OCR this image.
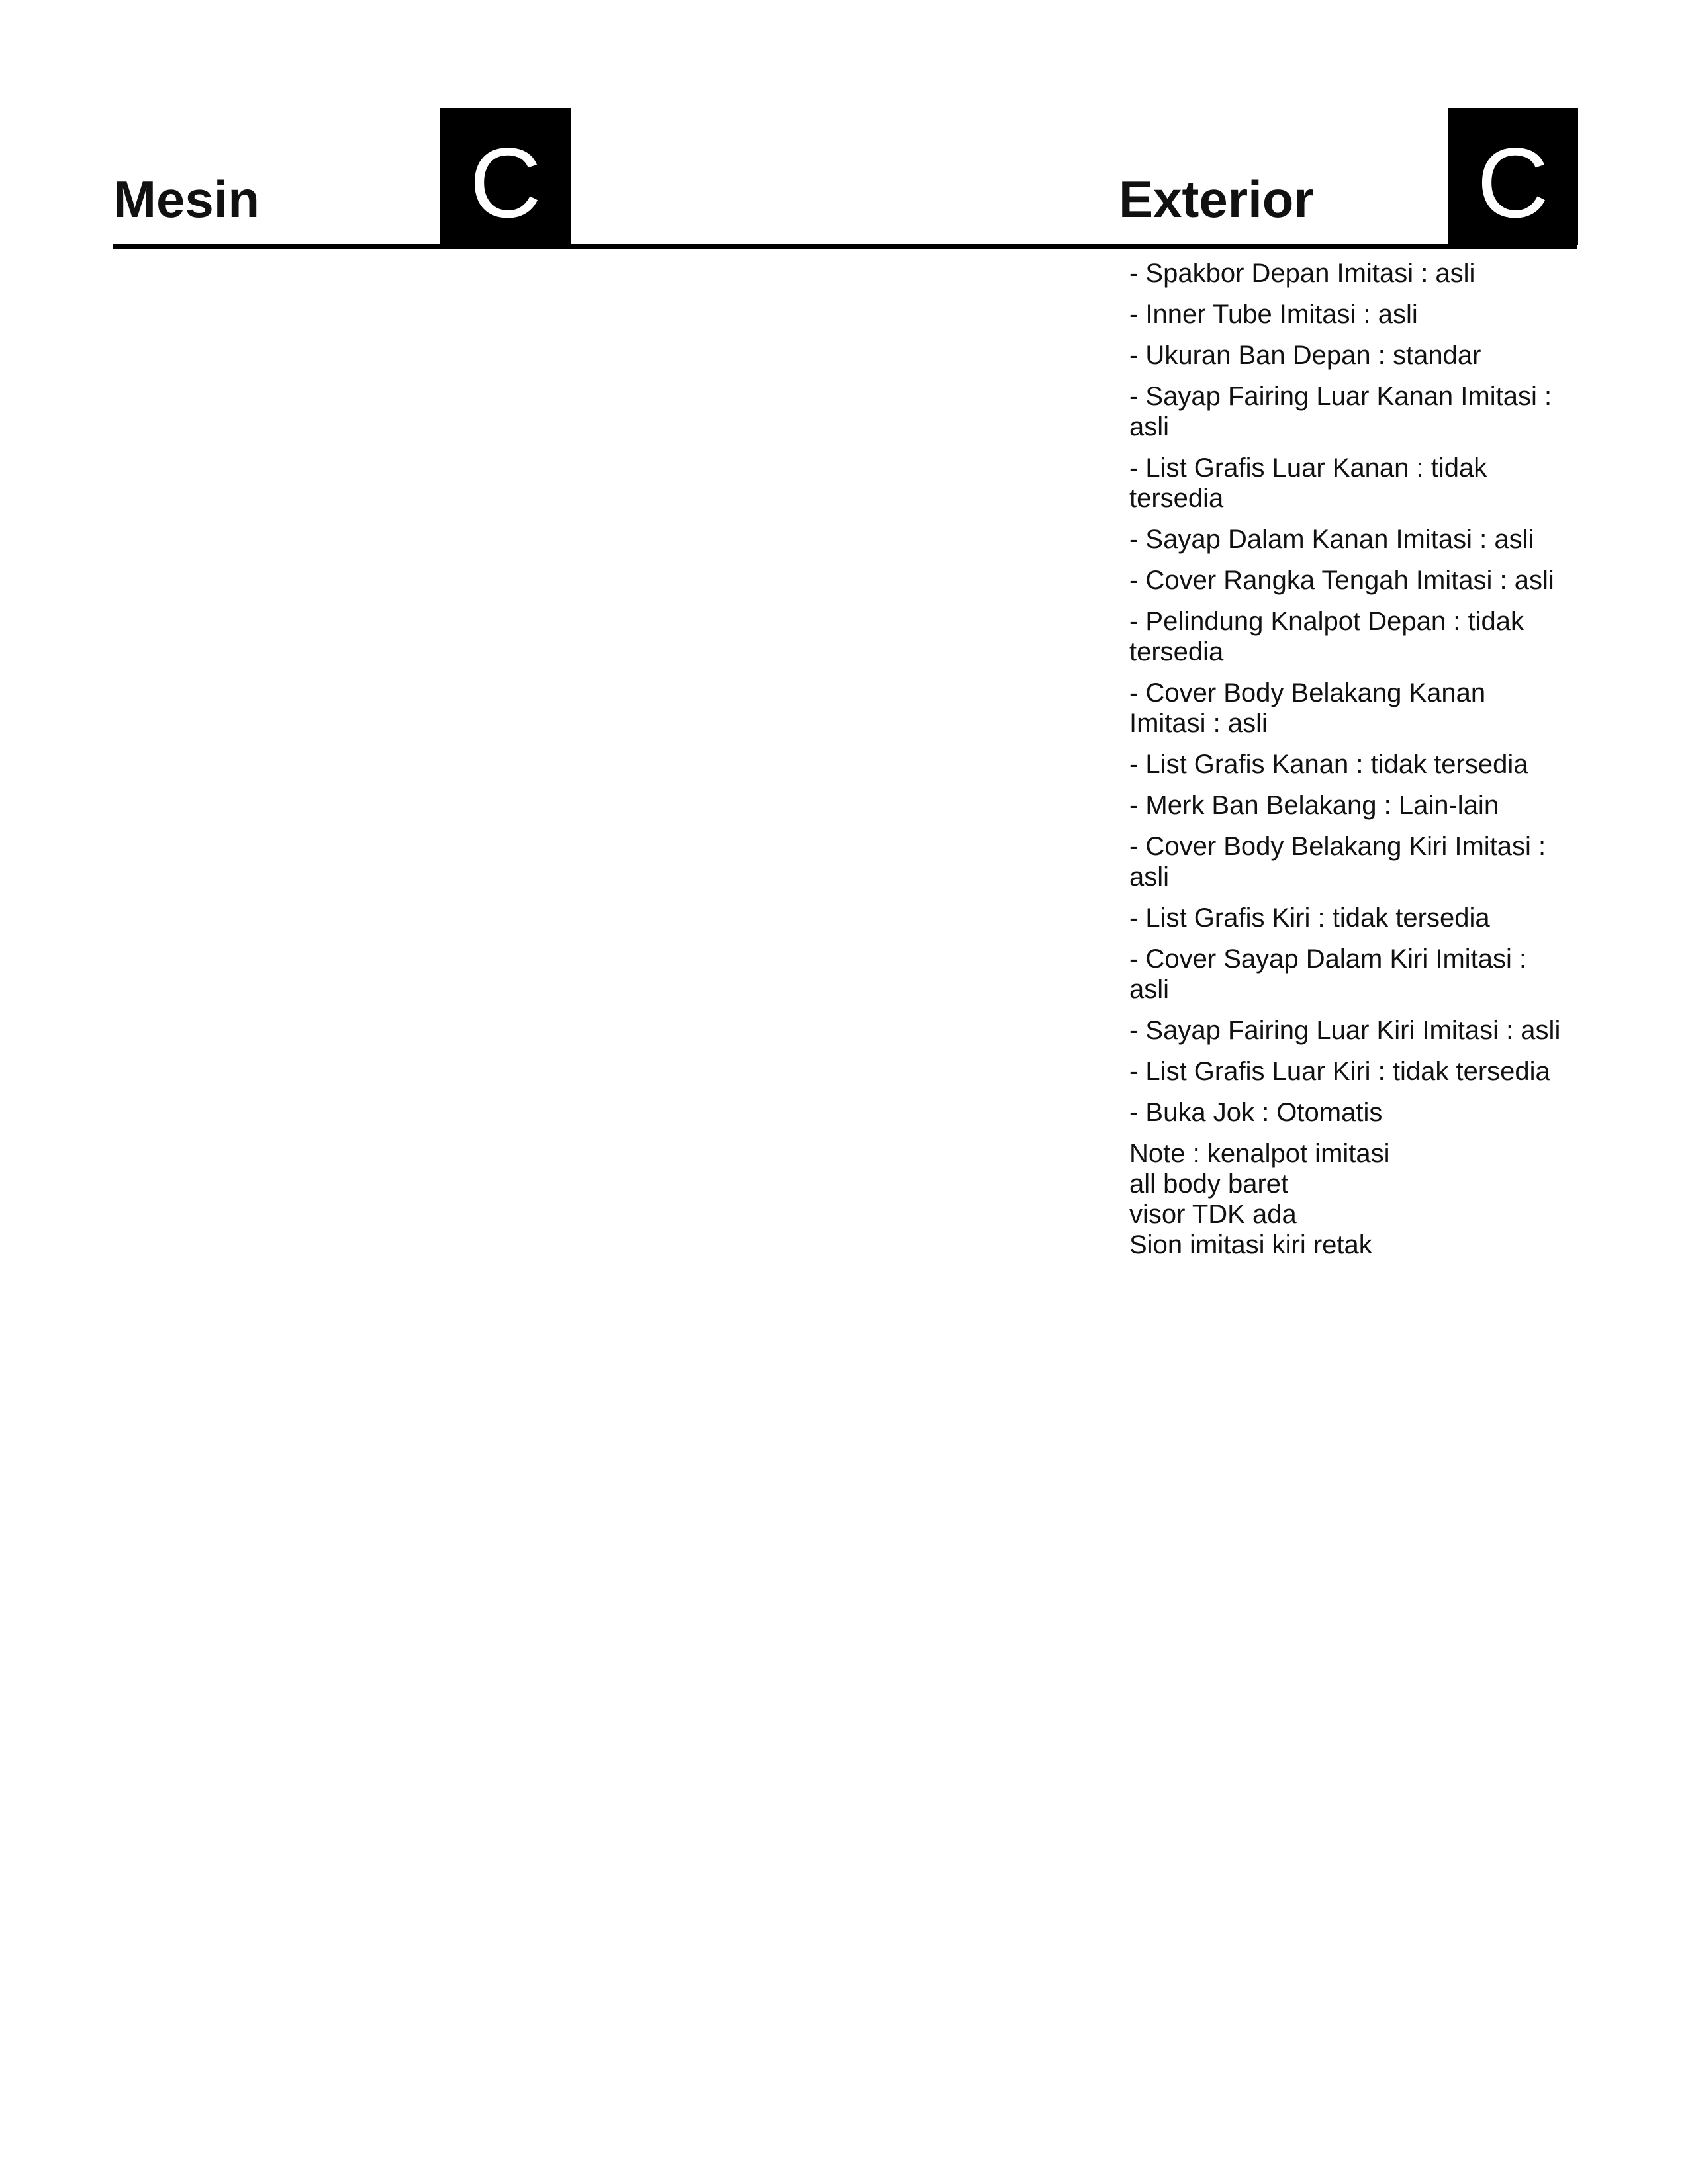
Mesin C	Exterior C
- Spakbor Depan Imitasi : asli
- Inner Tube Imitasi : asli
- Ukuran Ban Depan : standar
- Sayap Fairing Luar Kanan Imitasi : asli
- List Grafis Luar Kanan : tidak tersedia
- Sayap Dalam Kanan Imitasi : asli
- Cover Rangka Tengah Imitasi : asli
- Pelindung Knalpot Depan : tidak tersedia
- Cover Body Belakang Kanan Imitasi : asli
- List Grafis Kanan : tidak tersedia
- Merk Ban Belakang : Lain-lain
- Cover Body Belakang Kiri Imitasi : asli
- List Grafis Kiri : tidak tersedia
- Cover Sayap Dalam Kiri Imitasi : asli
- Sayap Fairing Luar Kiri Imitasi : asli
- List Grafis Luar Kiri : tidak tersedia
- Buka Jok : Otomatis
Note : kenalpot imitasi
all body baret
visor TDK ada
Sion imitasi kiri retak
